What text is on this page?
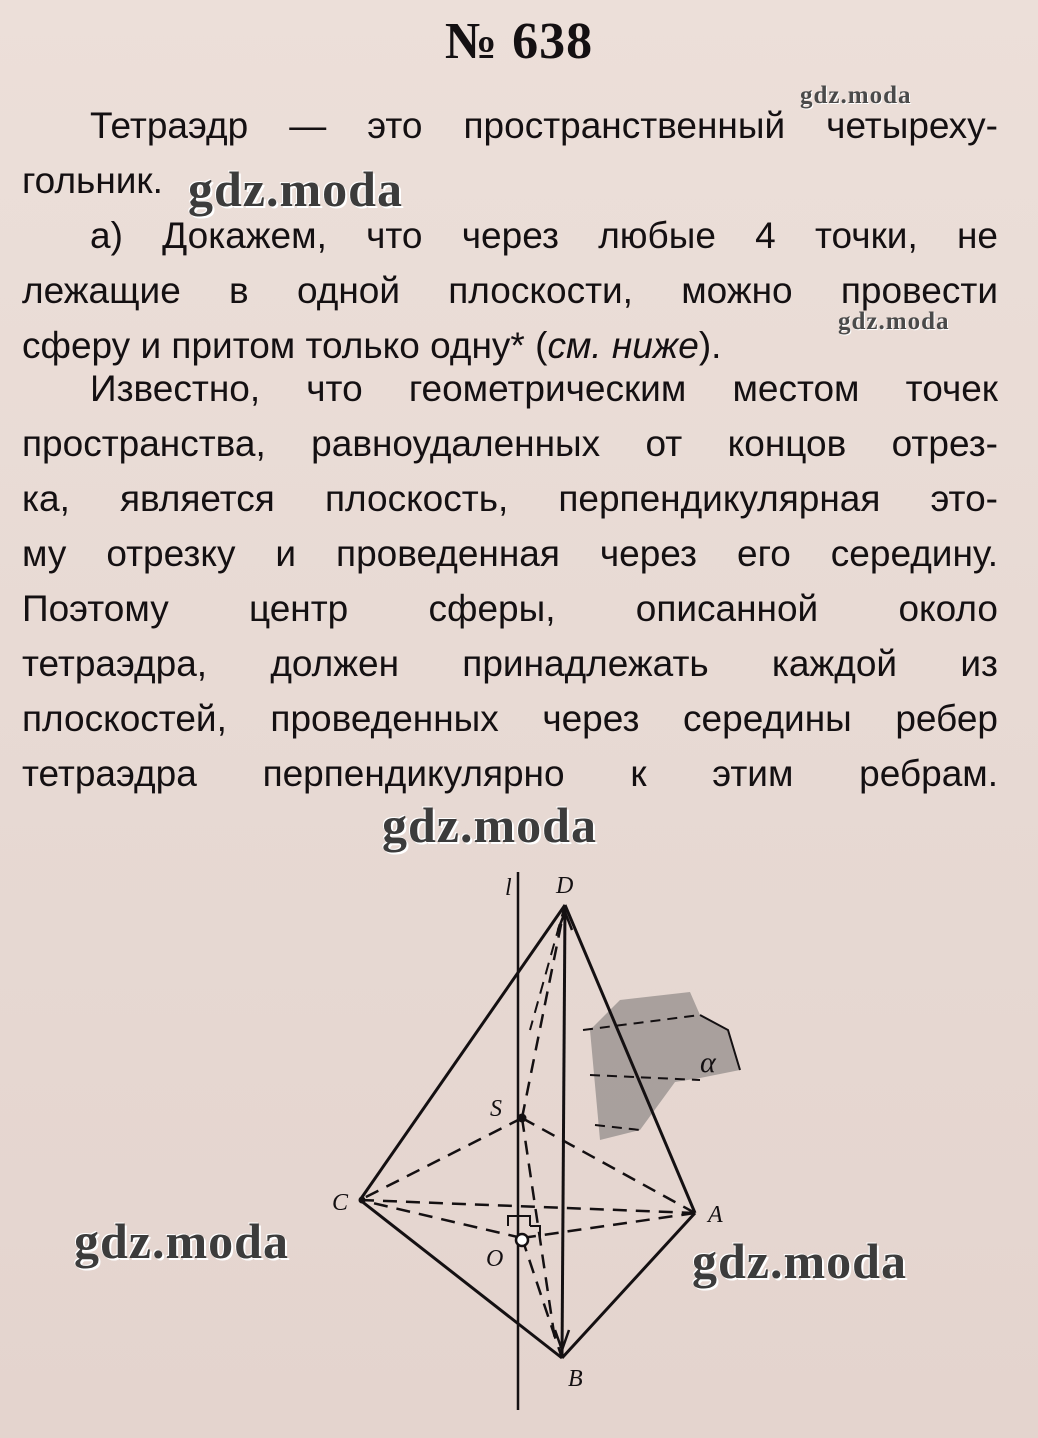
№ 638
Тетраэдр — это пространственный четыреху-
гольник.
а) Докажем, что через любые 4 точки, не
лежащие в одной плоскости, можно провести
сферу и притом только одну* (см. ниже).
Известно, что геометрическим местом точек
пространства, равноудаленных от концов отрез-
ка, является плоскость, перпендикулярная это-
му отрезку и проведенная через его середину.
Поэтому центр сферы, описанной около
тетраэдра, должен принадлежать каждой из
плоскостей, проведенных через середины ребер
тетраэдра перпендикулярно к этим ребрам.
l D
S
C	A
O
B
α
gdz.moda
gdz.moda
gdz.moda
gdz.moda
gdz.moda	gdz.moda
